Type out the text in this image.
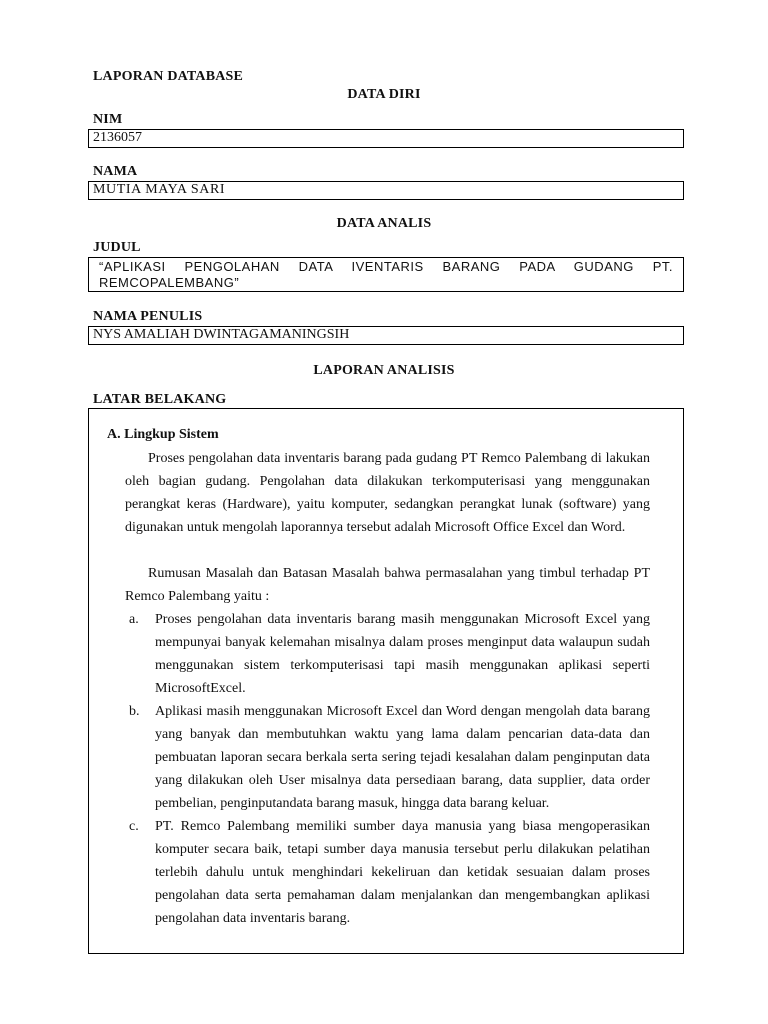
LAPORAN DATABASE
DATA DIRI
NIM
2136057
NAMA
MUTIA MAYA SARI
DATA ANALIS
JUDUL
“APLIKASI PENGOLAHAN DATA IVENTARIS BARANG PADA GUDANG PT.
REMCOPALEMBANG”
NAMA PENULIS
NYS AMALIAH DWINTAGAMANINGSIH
LAPORAN ANALISIS
LATAR BELAKANG
A. Lingkup Sistem

Proses pengolahan data inventaris barang pada gudang PT Remco Palembang di lakukan oleh bagian gudang. Pengolahan data dilakukan terkomputerisasi yang menggunakan perangkat keras (Hardware), yaitu komputer, sedangkan perangkat lunak (software) yang digunakan untuk mengolah laporannya tersebut adalah Microsoft Office Excel dan Word.

Rumusan Masalah dan Batasan Masalah bahwa permasalahan yang timbul terhadap PT Remco Palembang yaitu :

a. Proses pengolahan data inventaris barang masih menggunakan Microsoft Excel yang mempunyai banyak kelemahan misalnya dalam proses menginput data walaupun sudah menggunakan sistem terkomputerisasi tapi masih menggunakan aplikasi seperti MicrosoftExcel.
b. Aplikasi masih menggunakan Microsoft Excel dan Word dengan mengolah data barang yang banyak dan membutuhkan waktu yang lama dalam pencarian data-data dan pembuatan laporan secara berkala serta sering tejadi kesalahan dalam penginputan data yang dilakukan oleh User misalnya data persediaan barang, data supplier, data order pembelian, penginputandata barang masuk, hingga data barang keluar.
c. PT. Remco Palembang memiliki sumber daya manusia yang biasa mengoperasikan komputer secara baik, tetapi sumber daya manusia tersebut perlu dilakukan pelatihan terlebih dahulu untuk menghindari kekeliruan dan ketidak sesuaian dalam proses pengolahan data serta pemahaman dalam menjalankan dan mengembangkan aplikasi pengolahan data inventaris barang.
